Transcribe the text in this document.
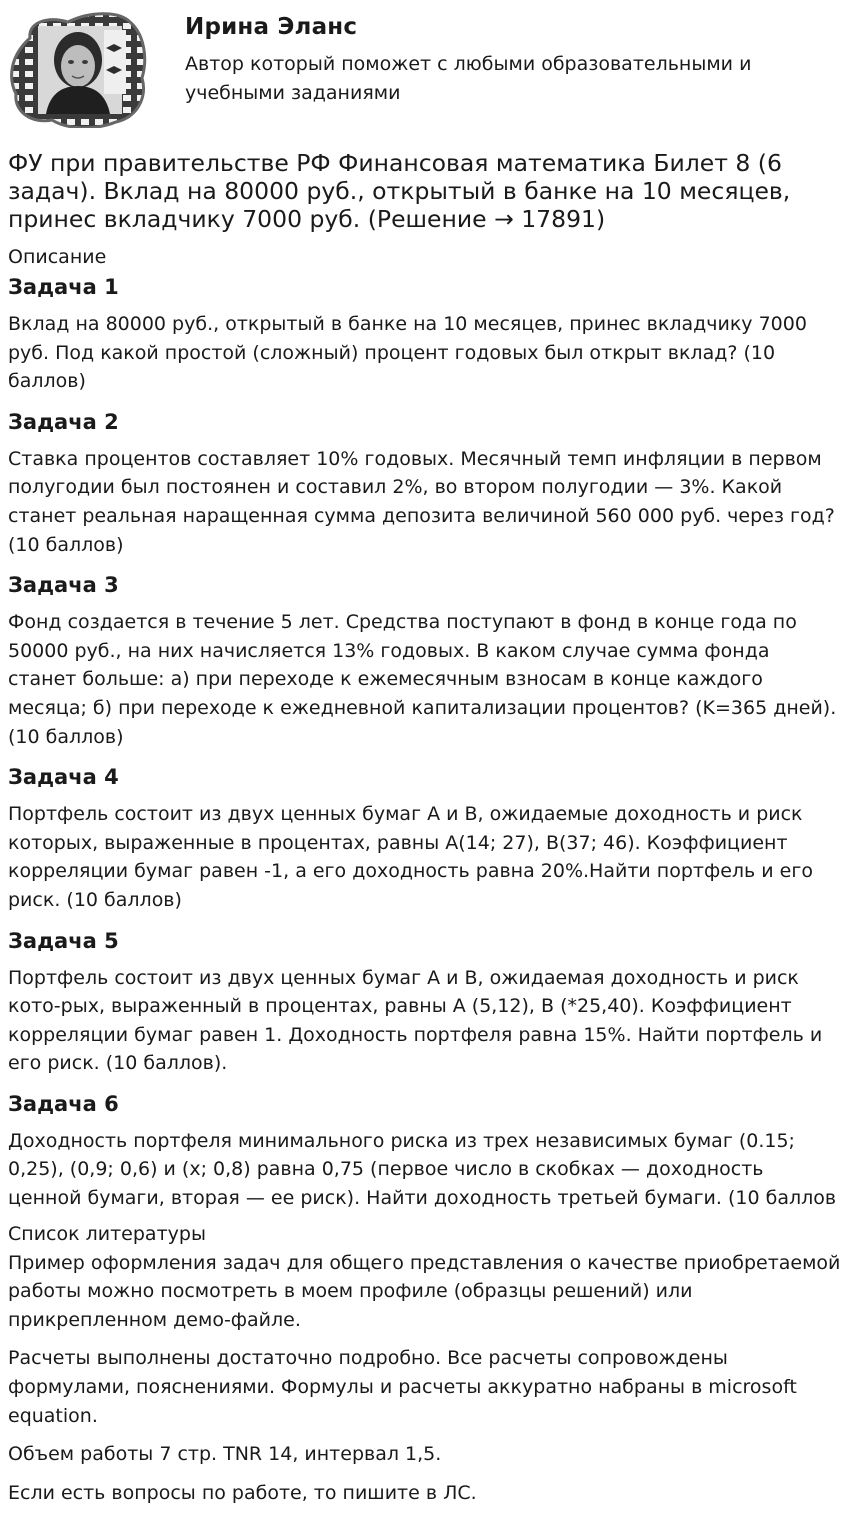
Ирина Эланс
Автор который поможет с любыми образовательными и учебными заданиями
ФУ при правительстве РФ Финансовая математика Билет 8 (6 задач). Вклад на 80000 руб., открытый в банке на 10 месяцев, принес вкладчику 7000 руб. (Решение → 17891)
Описание
Задача 1

Вклад на 80000 руб., открытый в банке на 10 месяцев, принес вкладчику 7000 руб. Под какой простой (сложный) процент годовых был открыт вклад? (10 баллов)

Задача 2

Ставка процентов составляет 10% годовых. Месячный темп инфляции в первом полугодии был постоянен и составил 2%, во втором полугодии — 3%. Какой станет реальная наращенная сумма депозита величиной 560 000 руб. через год? (10 баллов)

Задача 3

Фонд создается в течение 5 лет. Средства поступают в фонд в конце года по 50000 руб., на них начисляется 13% годовых. В каком случае сумма фонда станет больше: а) при переходе к ежемесячным взносам в конце каждого месяца; б) при переходе к ежедневной капитализации процентов? (K=365 дней). (10 баллов)

Задача 4

Портфель состоит из двух ценных бумаг A и B, ожидаемые доходность и риск которых, выраженные в процентах, равны A(14; 27), B(37; 46). Коэффициент корреляции бумаг равен -1, а его доходность равна 20%.Найти портфель и его риск. (10 баллов)

Задача 5

Портфель состоит из двух ценных бумаг A и B, ожидаемая доходность и риск кото-рых, выраженный в процентах, равны A (5,12), B (*25,40). Коэффициент корреляции бумаг равен 1. Доходность портфеля равна 15%. Найти портфель и его риск. (10 баллов).

Задача 6

Доходность портфеля минимального риска из трех независимых бумаг (0.15; 0,25), (0,9; 0,6) и (x; 0,8) равна 0,75 (первое число в скобках — доходность ценной бумаги, вторая — ее риск). Найти доходность третьей бумаги. (10 баллов

Список литературы

Пример оформления задач для общего представления о качестве приобретаемой работы можно посмотреть в моем профиле (образцы решений) или прикрепленном демо-файле.

Расчеты выполнены достаточно подробно. Все расчеты сопровождены формулами, пояснениями. Формулы и расчеты аккуратно набраны в microsoft equation.

Объем работы 7 стр. TNR 14, интервал 1,5.

Если есть вопросы по работе, то пишите в ЛС.
